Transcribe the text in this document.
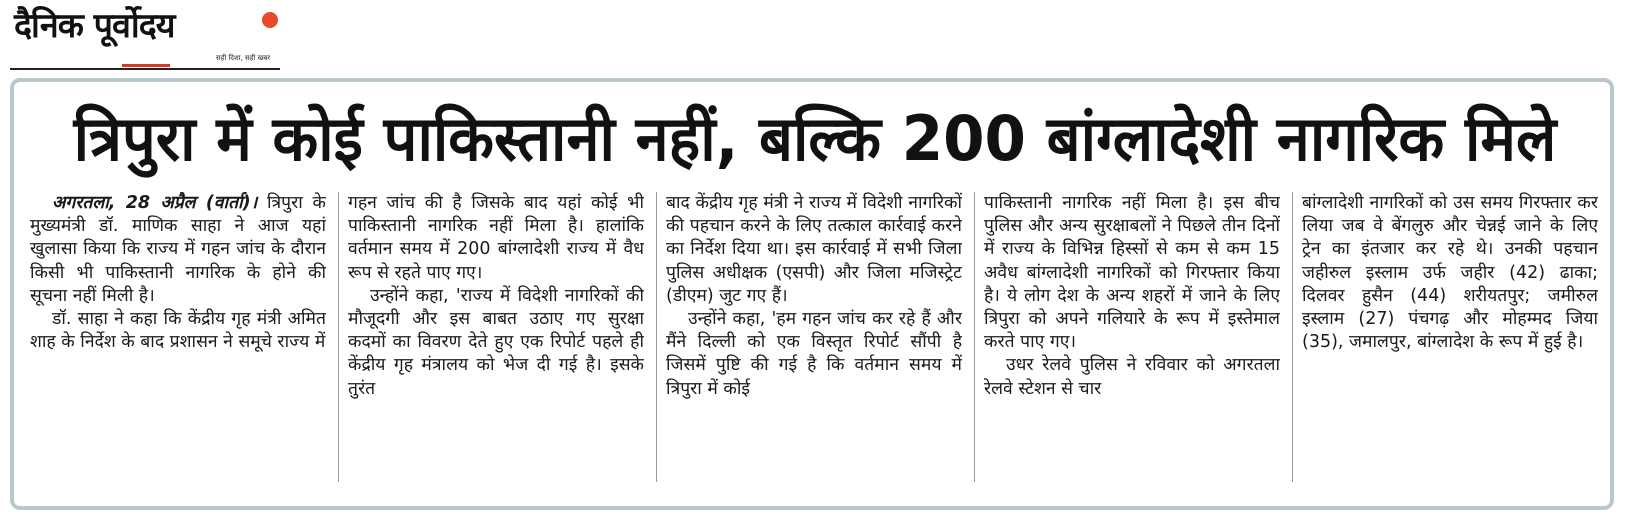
दैनिक पूर्वोदय
सही दिशा, सही खबर
त्रिपुरा में कोई पाकिस्तानी नहीं, बल्कि 200 बांग्लादेशी नागरिक मिले

अगरतला, 28 अप्रैल (वार्ता)। त्रिपुरा के मुख्यमंत्री डॉ. माणिक साहा ने आज यहां खुलासा किया कि राज्य में गहन जांच के दौरान किसी भी पाकिस्तानी नागरिक के होने की सूचना नहीं मिली है।

डॉ. साहा ने कहा कि केंद्रीय गृह मंत्री अमित शाह के निर्देश के बाद प्रशासन ने समूचे राज्य में

गहन जांच की है जिसके बाद यहां कोई भी पाकिस्तानी नागरिक नहीं मिला है। हालांकि वर्तमान समय में 200 बांग्लादेशी राज्य में वैध रूप से रहते पाए गए।

उन्होंने कहा, 'राज्य में विदेशी नागरिकों की मौजूदगी और इस बाबत उठाए गए सुरक्षा कदमों का विवरण देते हुए एक रिपोर्ट पहले ही केंद्रीय गृह मंत्रालय को भेज दी गई है। इसके तुरंत

बाद केंद्रीय गृह मंत्री ने राज्य में विदेशी नागरिकों की पहचान करने के लिए तत्काल कार्रवाई करने का निर्देश दिया था। इस कार्रवाई में सभी जिला पुलिस अधीक्षक (एसपी) और जिला मजिस्ट्रेट (डीएम) जुट गए हैं।

उन्होंने कहा, 'हम गहन जांच कर रहे हैं और मैंने दिल्ली को एक विस्तृत रिपोर्ट सौंपी है जिसमें पुष्टि की गई है कि वर्तमान समय में त्रिपुरा में कोई

पाकिस्तानी नागरिक नहीं मिला है। इस बीच पुलिस और अन्य सुरक्षाबलों ने पिछले तीन दिनों में राज्य के विभिन्न हिस्सों से कम से कम 15 अवैध बांग्लादेशी नागरिकों को गिरफ्तार किया है। ये लोग देश के अन्य शहरों में जाने के लिए त्रिपुरा को अपने गलियारे के रूप में इस्तेमाल करते पाए गए।

उधर रेलवे पुलिस ने रविवार को अगरतला रेलवे स्टेशन से चार

बांग्लादेशी नागरिकों को उस समय गिरफ्तार कर लिया जब वे बेंगलुरु और चेन्नई जाने के लिए ट्रेन का इंतजार कर रहे थे। उनकी पहचान जहीरुल इस्लाम उर्फ जहीर (42) ढाका; दिलवर हुसैन (44) शरीयतपुर; जमीरुल इस्लाम (27) पंचगढ़ और मोहम्मद जिया (35), जमालपुर, बांग्लादेश के रूप में हुई है।
